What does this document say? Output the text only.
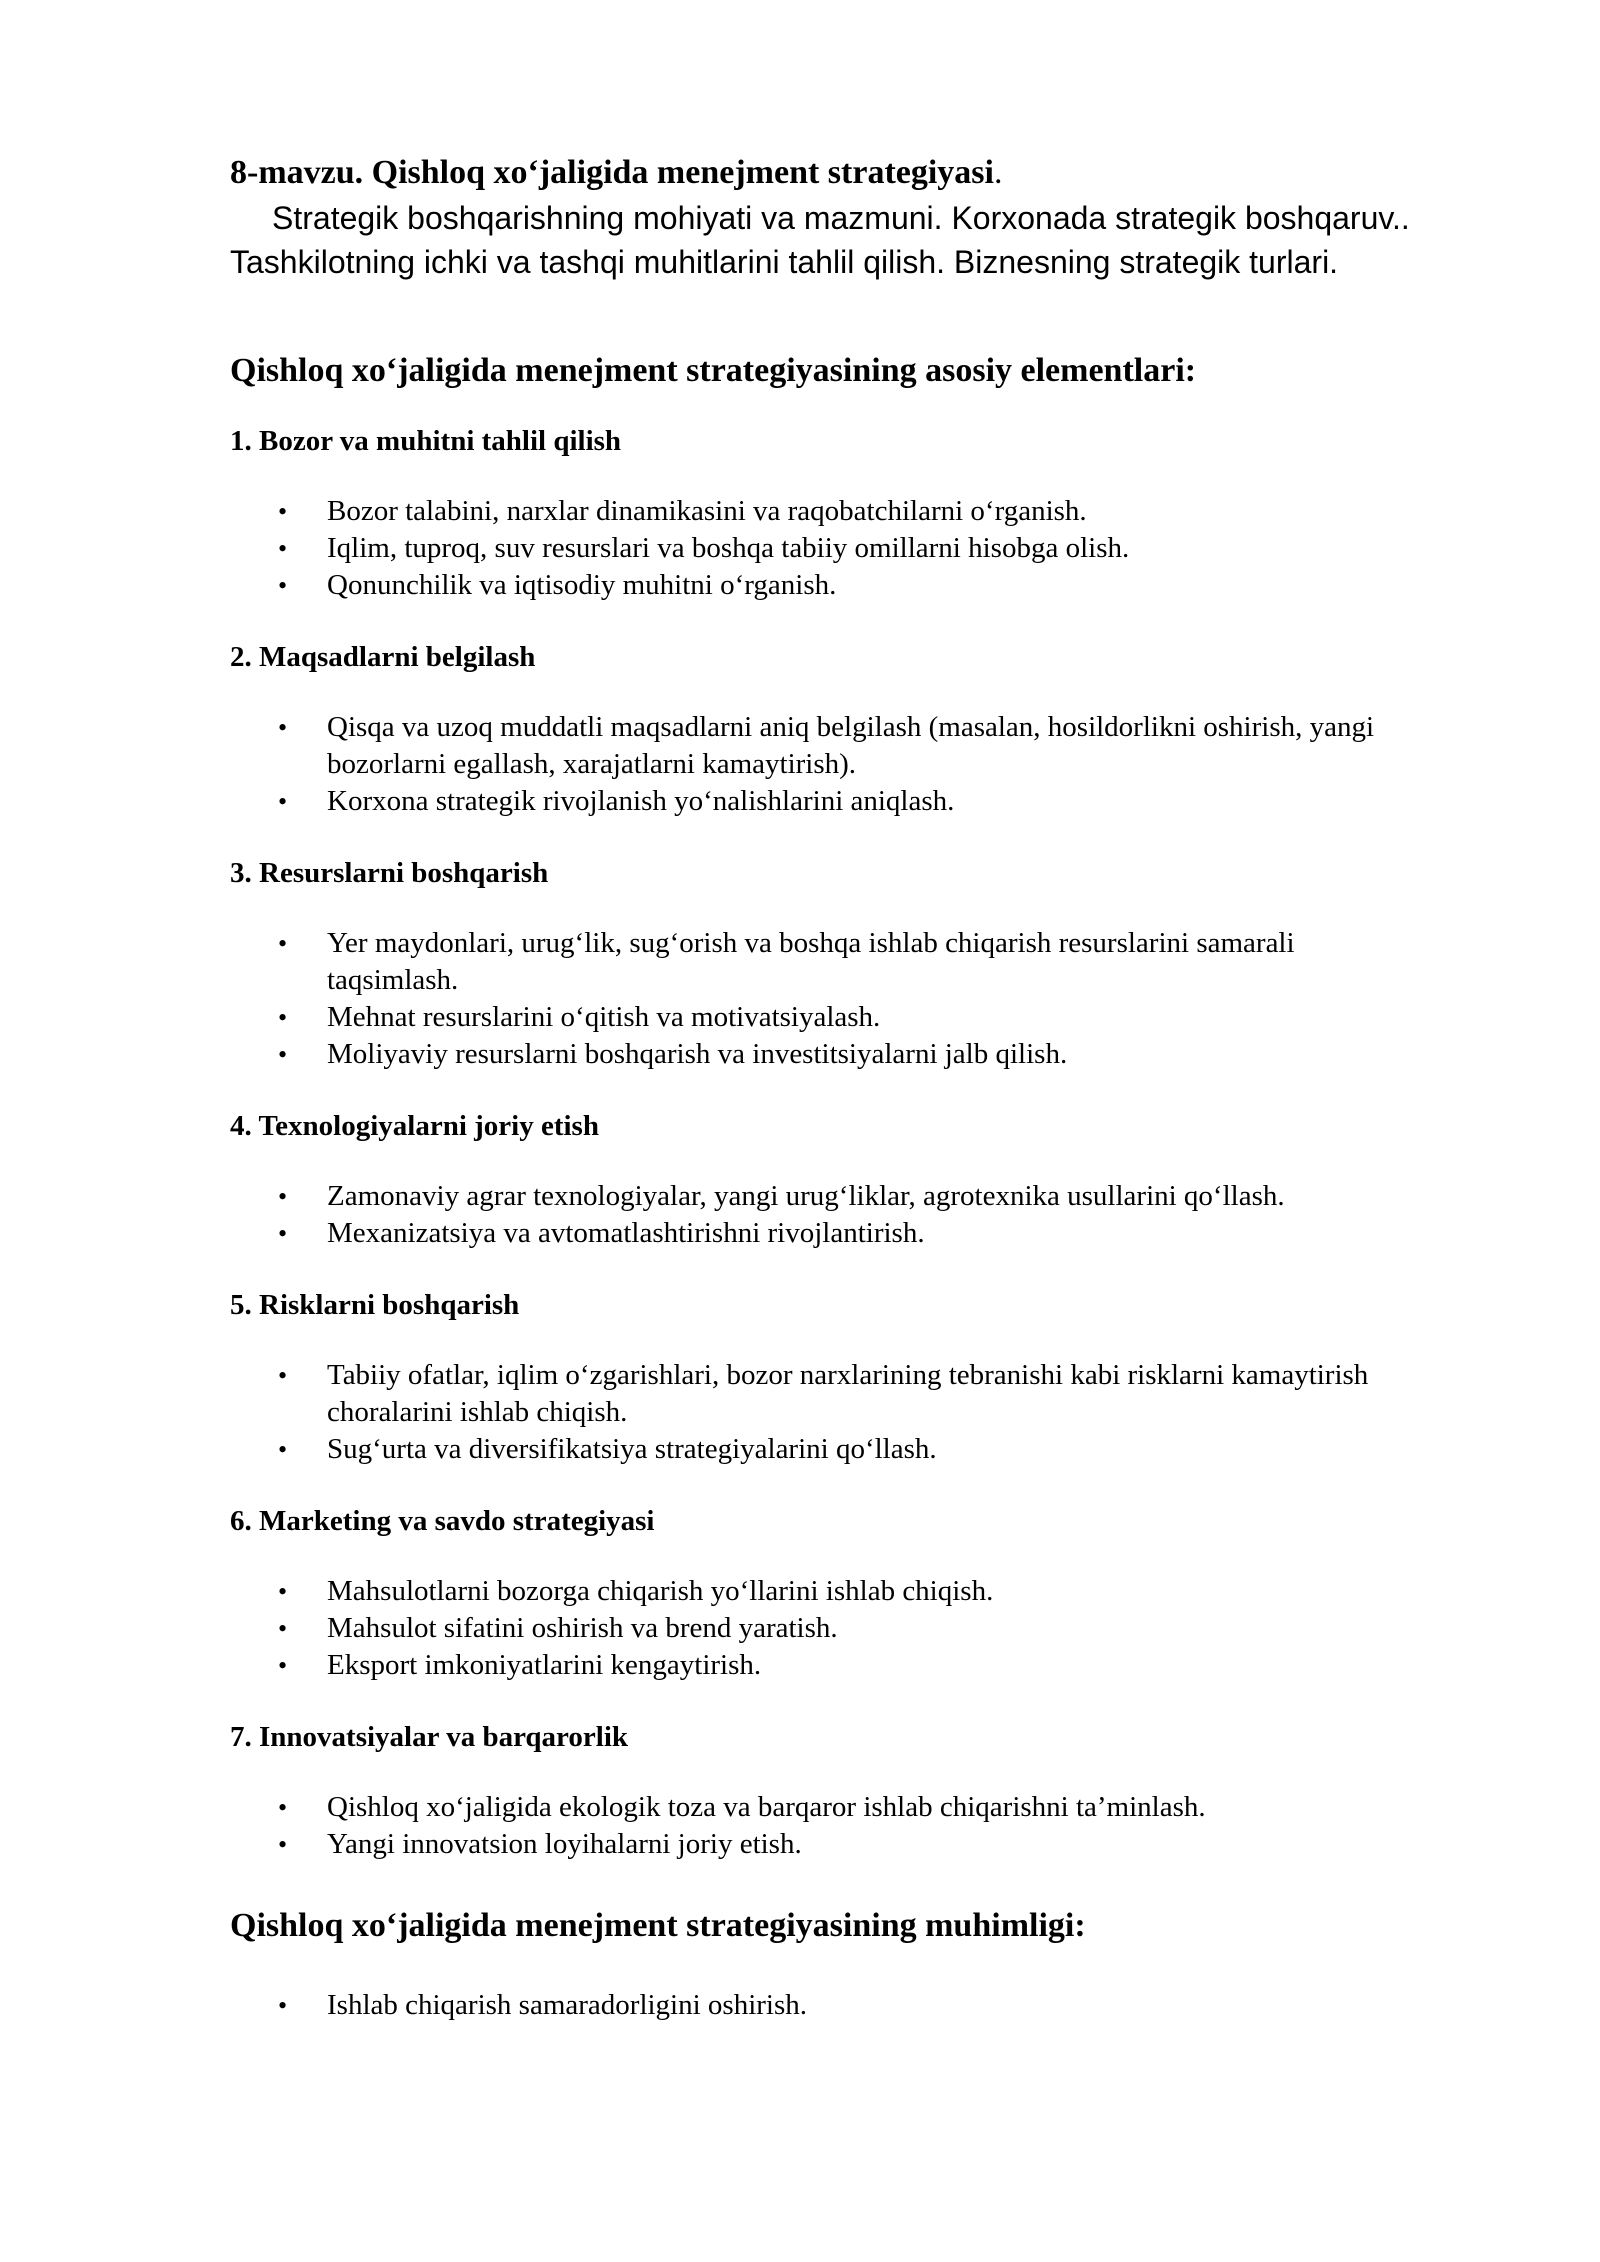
8-mavzu. Qishloq xo‘jaligida menejment strategiyasi.

Strategik boshqarishning mohiyati va mazmuni. Korxonada strategik boshqaruv.. Tashkilotning ichki va tashqi muhitlarini tahlil qilish. Biznesning strategik turlari.

Qishloq xo‘jaligida menejment strategiyasining asosiy elementlari:
1. Bozor va muhitni tahlil qilish
• Bozor talabini, narxlar dinamikasini va raqobatchilarni o‘rganish.
• Iqlim, tuproq, suv resurslari va boshqa tabiiy omillarni hisobga olish.
• Qonunchilik va iqtisodiy muhitni o‘rganish.
2. Maqsadlarni belgilash
• Qisqa va uzoq muddatli maqsadlarni aniq belgilash (masalan, hosildorlikni oshirish, yangi bozorlarni egallash, xarajatlarni kamaytirish).
• Korxona strategik rivojlanish yo‘nalishlarini aniqlash.
3. Resurslarni boshqarish
• Yer maydonlari, urug‘lik, sug‘orish va boshqa ishlab chiqarish resurslarini samarali taqsimlash.
• Mehnat resurslarini o‘qitish va motivatsiyalash.
• Moliyaviy resurslarni boshqarish va investitsiyalarni jalb qilish.
4. Texnologiyalarni joriy etish
• Zamonaviy agrar texnologiyalar, yangi urug‘liklar, agrotexnika usullarini qo‘llash.
• Mexanizatsiya va avtomatlashtirishni rivojlantirish.
5. Risklarni boshqarish
• Tabiiy ofatlar, iqlim o‘zgarishlari, bozor narxlarining tebranishi kabi risklarni kamaytirish choralarini ishlab chiqish.
• Sug‘urta va diversifikatsiya strategiyalarini qo‘llash.
6. Marketing va savdo strategiyasi
• Mahsulotlarni bozorga chiqarish yo‘llarini ishlab chiqish.
• Mahsulot sifatini oshirish va brend yaratish.
• Eksport imkoniyatlarini kengaytirish.
7. Innovatsiyalar va barqarorlik
• Qishloq xo‘jaligida ekologik toza va barqaror ishlab chiqarishni ta’minlash.
• Yangi innovatsion loyihalarni joriy etish.
Qishloq xo‘jaligida menejment strategiyasining muhimligi:
• Ishlab chiqarish samaradorligini oshirish.
